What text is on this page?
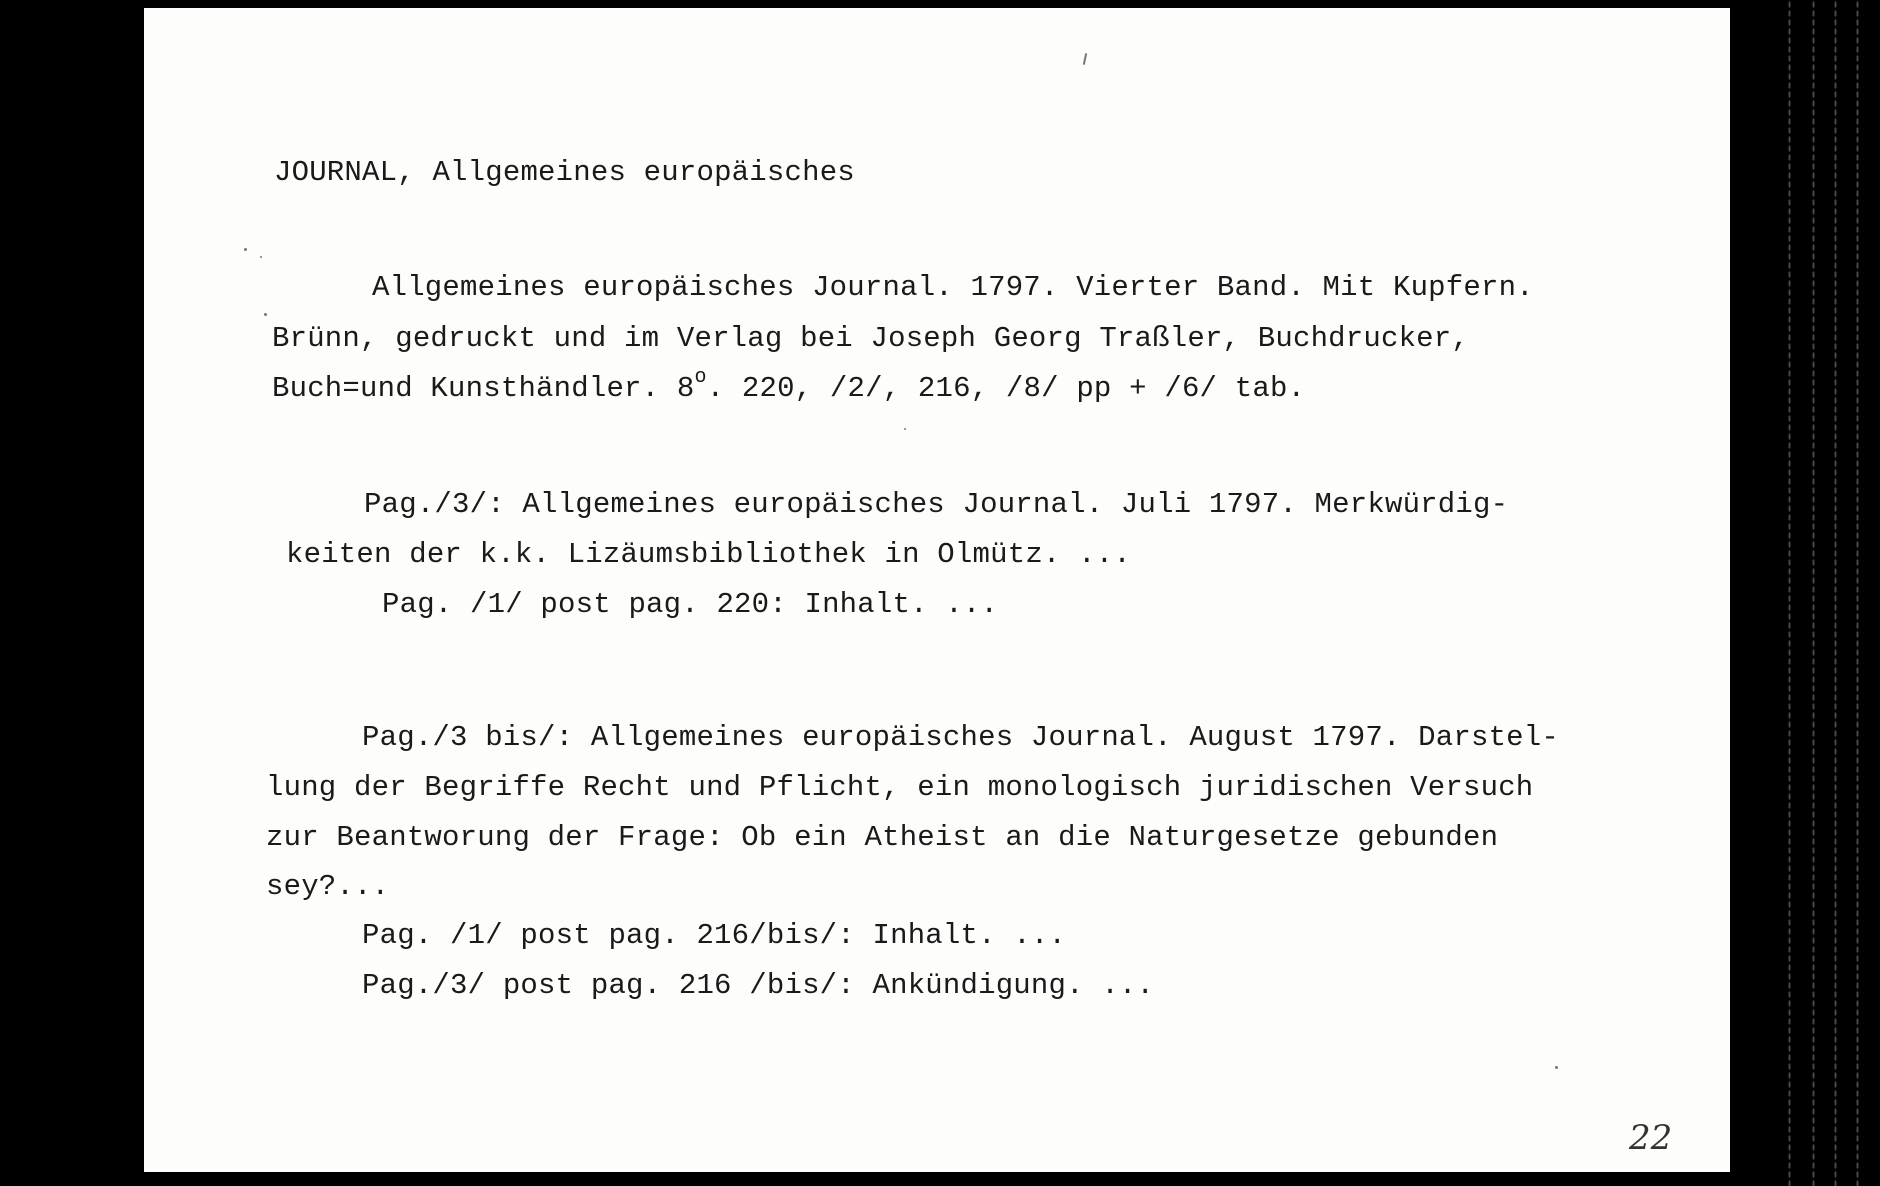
JOURNAL, Allgemeines europäisches
Allgemeines europäisches Journal. 1797. Vierter Band. Mit Kupfern.
Brünn, gedruckt und im Verlag bei Joseph Georg Traßler, Buchdrucker,
Buch=und Kunsthändler. 8$^o$. 220, /2/, 216, /8/ pp + /6/ tab.
Pag./3/: Allgemeines europäisches Journal. Juli 1797. Merkwürdig-
keiten der k.k. Lizäumsbibliothek in Olmütz. ...
Pag. /1/ post pag. 220: Inhalt. ...
Pag./3 bis/: Allgemeines europäisches Journal. August 1797. Darstel-
lung der Begriffe Recht und Pflicht, ein monologisch juridischen Versuch
zur Beantworung der Frage: Ob ein Atheist an die Naturgesetze gebunden
sey?...
Pag. /1/ post pag. 216/bis/: Inhalt. ...
Pag./3/ post pag. 216 /bis/: Ankündigung. ...
22
